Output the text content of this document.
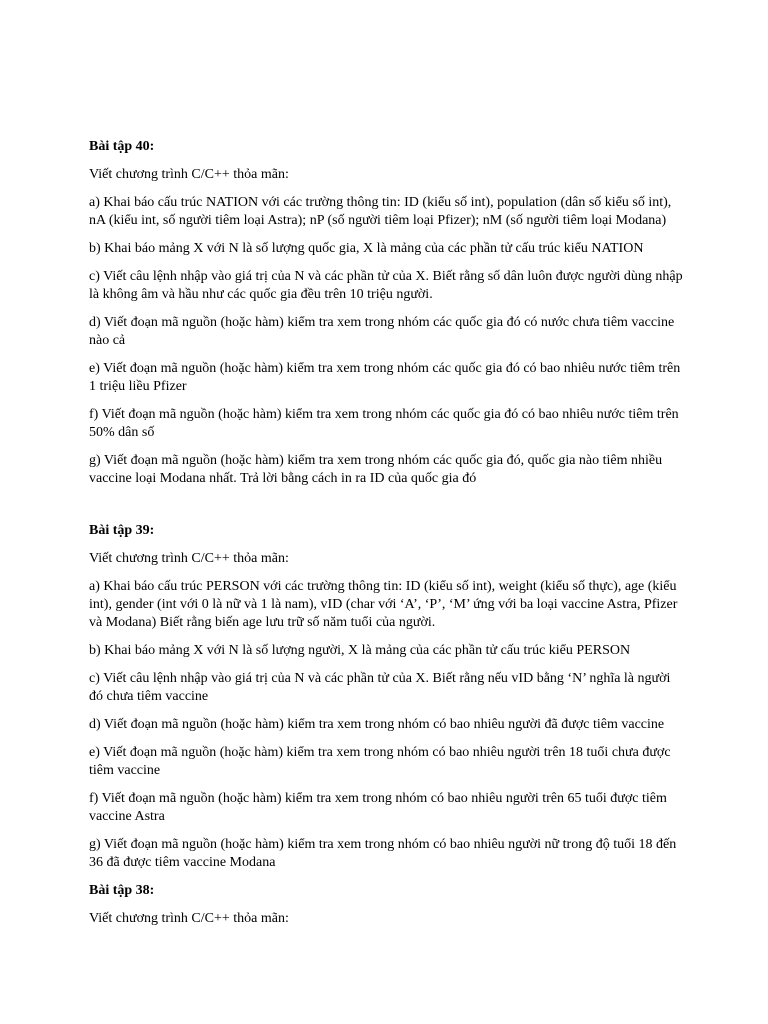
Bài tập 40:

Viết chương trình C/C++ thỏa mãn:

a) Khai báo cấu trúc NATION với các trường thông tin: ID (kiểu số int), population (dân số kiểu số int), nA (kiểu int, số người tiêm loại Astra); nP (số người tiêm loại Pfizer); nM (số người tiêm loại Modana)

b) Khai báo mảng X với N là số lượng quốc gia, X là mảng của các phần tử cấu trúc kiểu NATION

c) Viết câu lệnh nhập vào giá trị của N và các phần tử của X. Biết rằng số dân luôn được người dùng nhập là không âm và hầu như các quốc gia đều trên 10 triệu người.

d) Viết đoạn mã nguồn (hoặc hàm) kiểm tra xem trong nhóm các quốc gia đó có nước chưa tiêm vaccine nào cả

e) Viết đoạn mã nguồn (hoặc hàm) kiểm tra xem trong nhóm các quốc gia đó có bao nhiêu nước tiêm trên 1 triệu liều Pfizer

f) Viết đoạn mã nguồn (hoặc hàm) kiểm tra xem trong nhóm các quốc gia đó có bao nhiêu nước tiêm trên 50% dân số

g) Viết đoạn mã nguồn (hoặc hàm) kiểm tra xem trong nhóm các quốc gia đó, quốc gia nào tiêm nhiều vaccine loại Modana nhất. Trả lời bằng cách in ra ID của quốc gia đó

Bài tập 39:

Viết chương trình C/C++ thỏa mãn:

a) Khai báo cấu trúc PERSON với các trường thông tin: ID (kiểu số int), weight (kiểu số thực), age (kiểu int), gender (int với 0 là nữ và 1 là nam), vID (char với ‘A’, ‘P’, ‘M’ ứng với ba loại vaccine Astra, Pfizer và Modana) Biết rằng biến age lưu trữ số năm tuổi của người.

b) Khai báo mảng X với N là số lượng người, X là mảng của các phần tử cấu trúc kiểu PERSON

c) Viết câu lệnh nhập vào giá trị của N và các phần tử của X. Biết rằng nếu vID bằng ‘N’ nghĩa là người đó chưa tiêm vaccine

d) Viết đoạn mã nguồn (hoặc hàm) kiểm tra xem trong nhóm có bao nhiêu người đã được tiêm vaccine

e) Viết đoạn mã nguồn (hoặc hàm) kiểm tra xem trong nhóm có bao nhiêu người trên 18 tuổi chưa được tiêm vaccine

f) Viết đoạn mã nguồn (hoặc hàm) kiểm tra xem trong nhóm có bao nhiêu người trên 65 tuổi được tiêm vaccine Astra

g) Viết đoạn mã nguồn (hoặc hàm) kiểm tra xem trong nhóm có bao nhiêu người nữ trong độ tuổi 18 đến 36 đã được tiêm vaccine Modana

Bài tập 38:

Viết chương trình C/C++ thỏa mãn:
